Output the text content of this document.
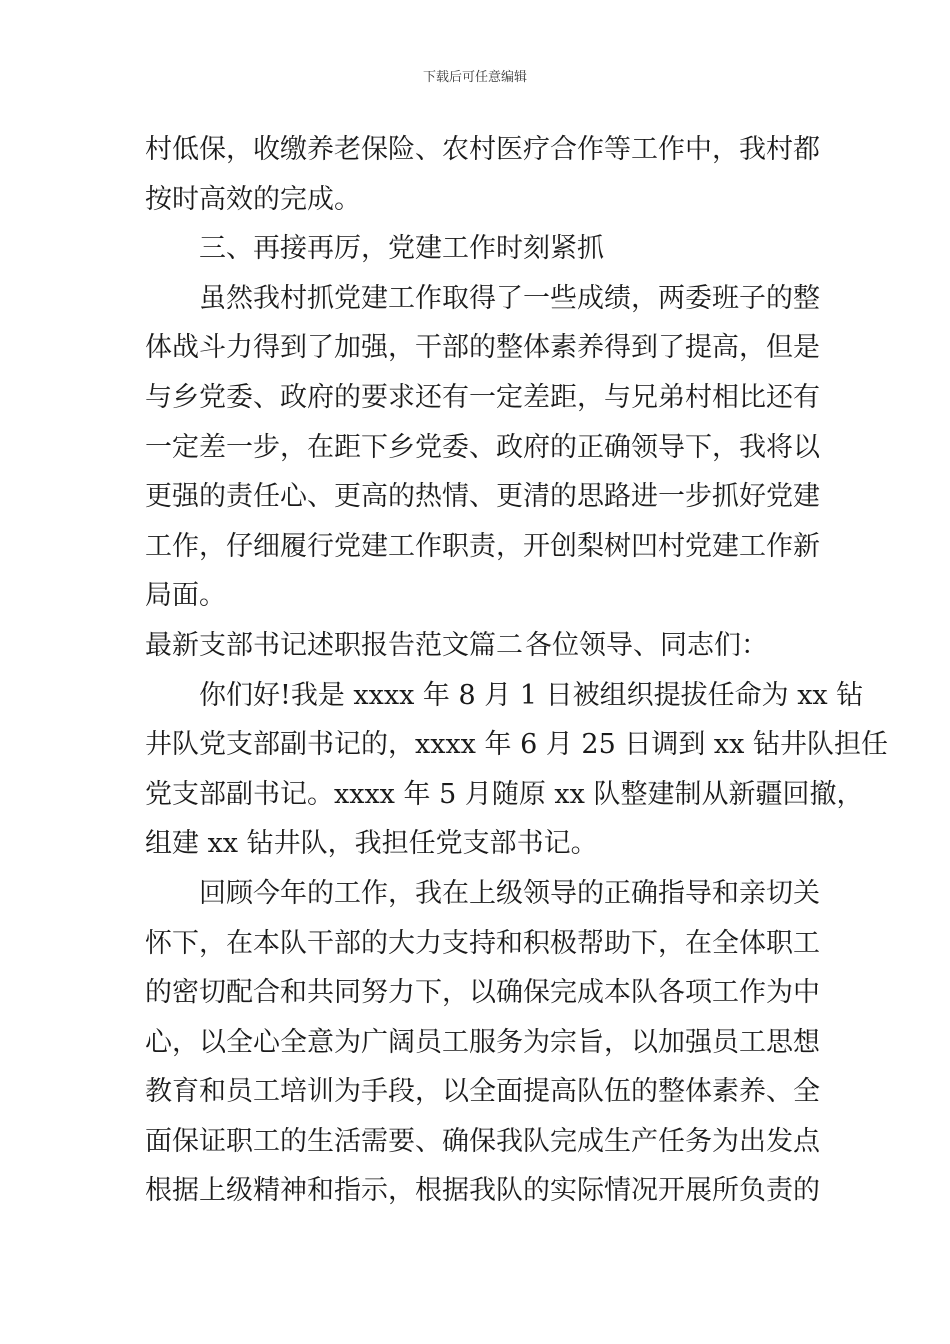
下载后可任意编辑
村低保，收缴养老保险、农村医疗合作等工作中，我村都
按时高效的完成。
三、再接再厉，党建工作时刻紧抓
虽然我村抓党建工作取得了一些成绩，两委班子的整
体战斗力得到了加强，干部的整体素养得到了提高，但是
与乡党委、政府的要求还有一定差距，与兄弟村相比还有
一定差一步，在距下乡党委、政府的正确领导下，我将以
更强的责任心、更高的热情、更清的思路进一步抓好党建
工作，仔细履行党建工作职责，开创梨树凹村党建工作新
局面。
最新支部书记述职报告范文篇二 各位领导、同志们：
你们好!我是 xxxx 年 8 月 1 日被组织提拔任命为 xx 钻
井队党支部副书记的，xxxx 年 6 月 25 日调到 xx 钻井队担任
党支部副书记。xxxx 年 5 月随原 xx 队整建制从新疆回撤，
组建 xx 钻井队，我担任党支部书记。
回顾今年的工作，我在上级领导的正确指导和亲切关
怀下，在本队干部的大力支持和积极帮助下，在全体职工
的密切配合和共同努力下，以确保完成本队各项工作为中
心，以全心全意为广阔员工服务为宗旨，以加强员工思想
教育和员工培训为手段，以全面提高队伍的整体素养、全
面保证职工的生活需要、确保我队完成生产任务为出发点
根据上级精神和指示，根据我队的实际情况开展所负责的
